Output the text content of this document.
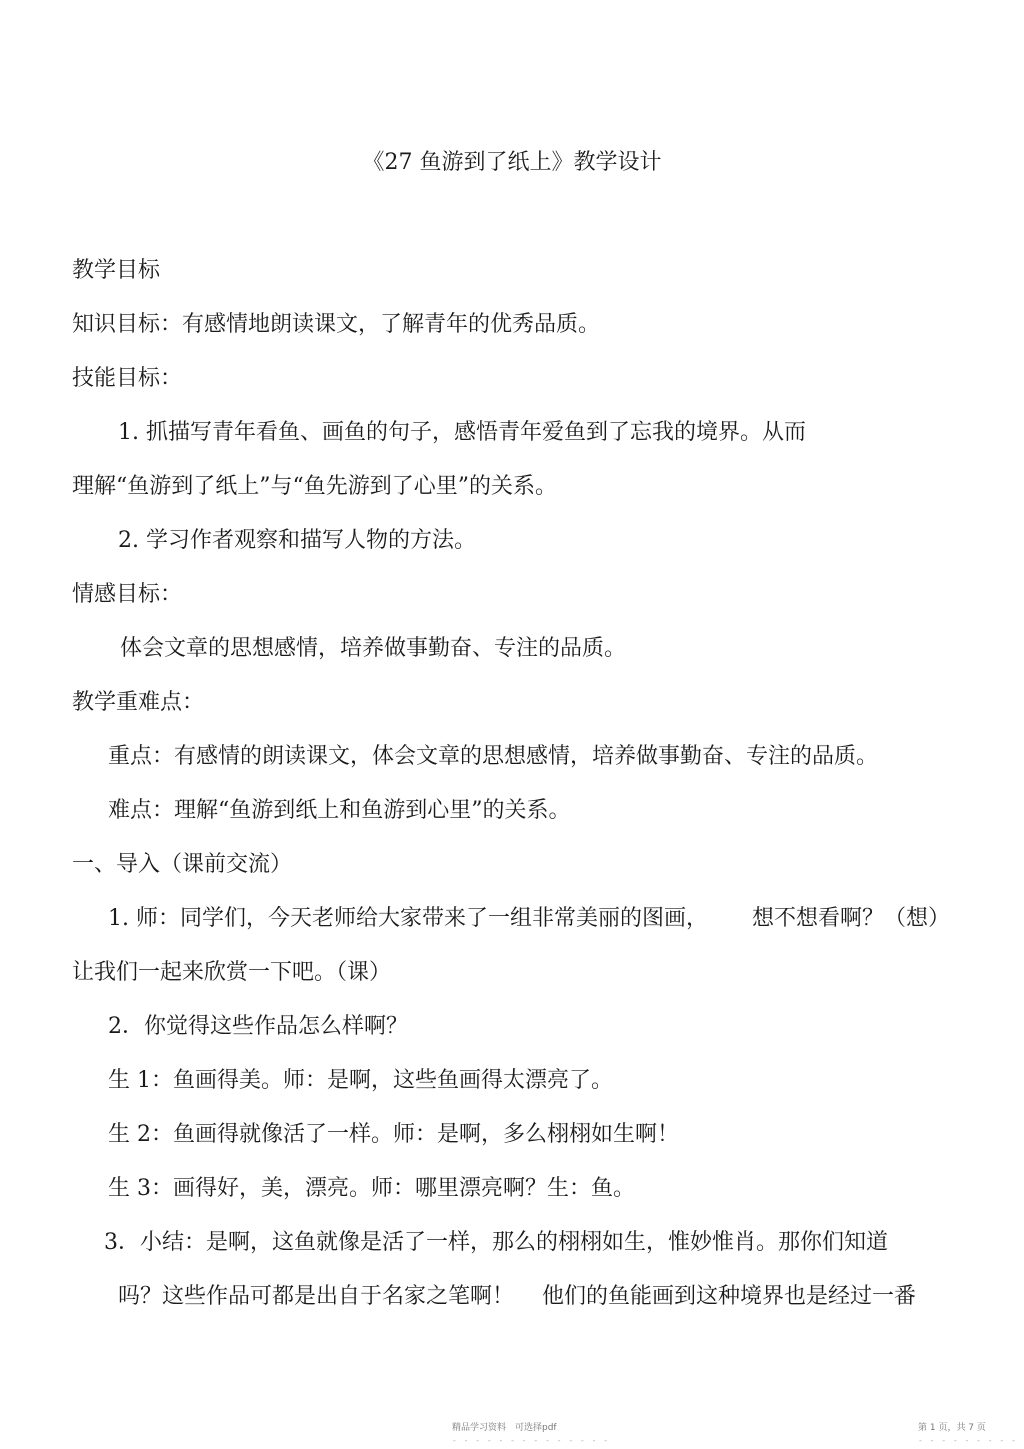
《27 鱼游到了纸上》教学设计
教学目标
知识目标：有感情地朗读课文，了解青年的优秀品质。
技能目标：
1. 抓描写青年看鱼、画鱼的句子，感悟青年爱鱼到了忘我的境界。从而
理解“鱼游到了纸上”与“鱼先游到了心里”的关系。
2. 学习作者观察和描写人物的方法。
情感目标：
体会文章的思想感情，培养做事勤奋、专注的品质。
教学重难点：
重点：有感情的朗读课文，体会文章的思想感情，培养做事勤奋、专注的品质。
难点：理解“鱼游到纸上和鱼游到心里”的关系。
一、导入（课前交流）
1. 师：同学们，今天老师给大家带来了一组非常美丽的图画， 想不想看啊？（想）
让我们一起来欣赏一下吧。（课）
2．你觉得这些作品怎么样啊？
生 1：鱼画得美。师：是啊，这些鱼画得太漂亮了。
生 2：鱼画得就像活了一样。师：是啊，多么栩栩如生啊！
生 3：画得好，美，漂亮。师：哪里漂亮啊？生：鱼。
3．小结：是啊，这鱼就像是活了一样，那么的栩栩如生，惟妙惟肖。那你们知道
吗？这些作品可都是出自于名家之笔啊！ 他们的鱼能画到这种境界也是经过一番
精品学习资料　可选择pdf	第 1 页，共 7 页
- - - - - - - - - - - - - -	- - - - - - - - -
